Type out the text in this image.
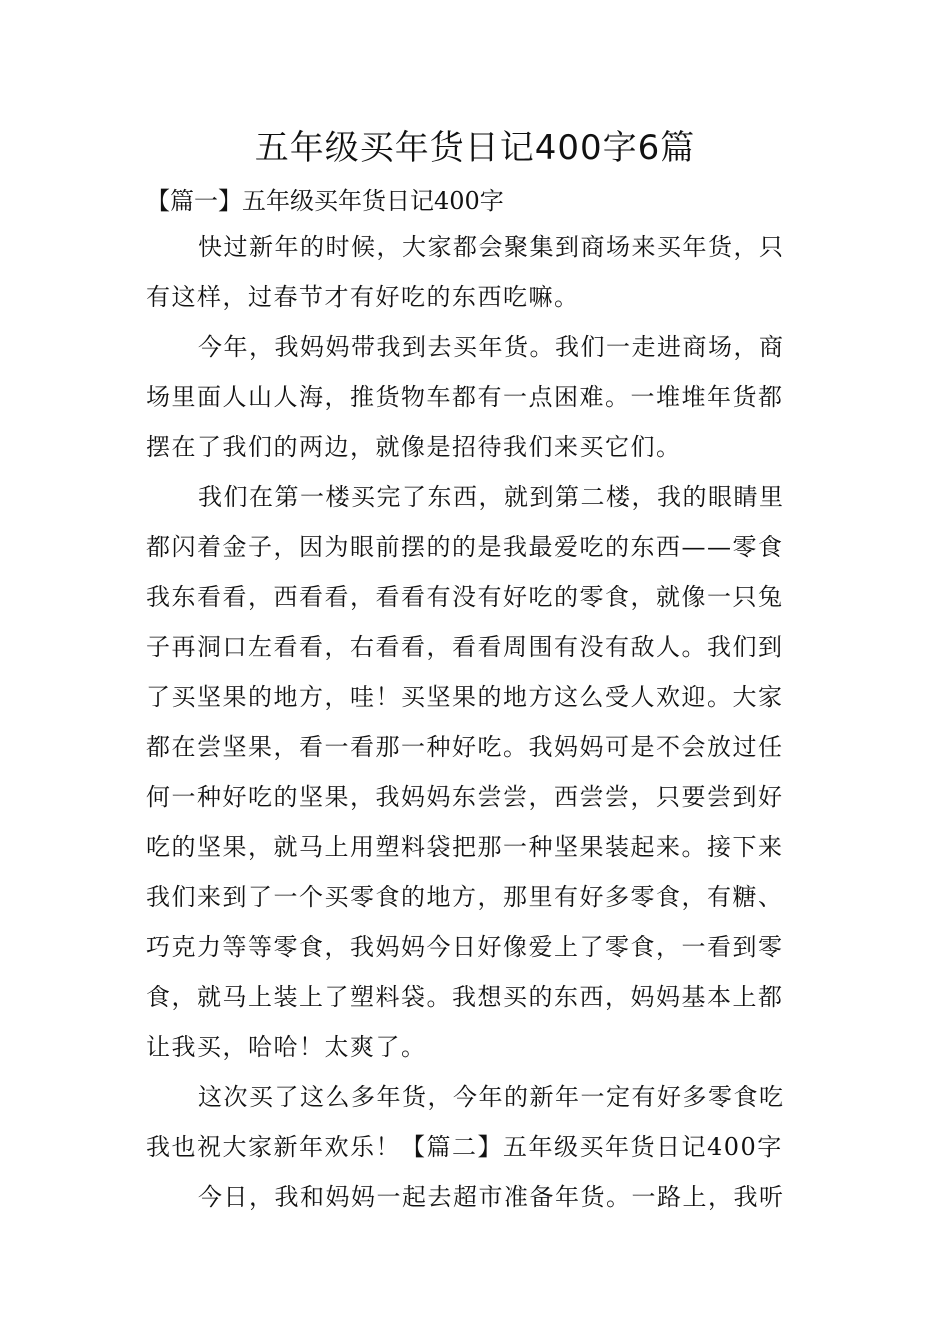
五年级买年货日记400字6篇
【篇一】五年级买年货日记400字
快过新年的时候，大家都会聚集到商场来买年货，只
有这样，过春节才有好吃的东西吃嘛。
今年，我妈妈带我到去买年货。我们一走进商场，商
场里面人山人海，推货物车都有一点困难。一堆堆年货都
摆在了我们的两边，就像是招待我们来买它们。
我们在第一楼买完了东西，就到第二楼，我的眼睛里
都闪着金子，因为眼前摆的的是我最爱吃的东西——零食
我东看看，西看看，看看有没有好吃的零食，就像一只兔
子再洞口左看看，右看看，看看周围有没有敌人。我们到
了买坚果的地方，哇！买坚果的地方这么受人欢迎。大家
都在尝坚果，看一看那一种好吃。我妈妈可是不会放过任
何一种好吃的坚果，我妈妈东尝尝，西尝尝，只要尝到好
吃的坚果，就马上用塑料袋把那一种坚果装起来。接下来
我们来到了一个买零食的地方，那里有好多零食，有糖、
巧克力等等零食，我妈妈今日好像爱上了零食，一看到零
食，就马上装上了塑料袋。我想买的东西，妈妈基本上都
让我买，哈哈！太爽了。
这次买了这么多年货，今年的新年一定有好多零食吃
我也祝大家新年欢乐！【篇二】五年级买年货日记400字
今日，我和妈妈一起去超市准备年货。一路上，我听
